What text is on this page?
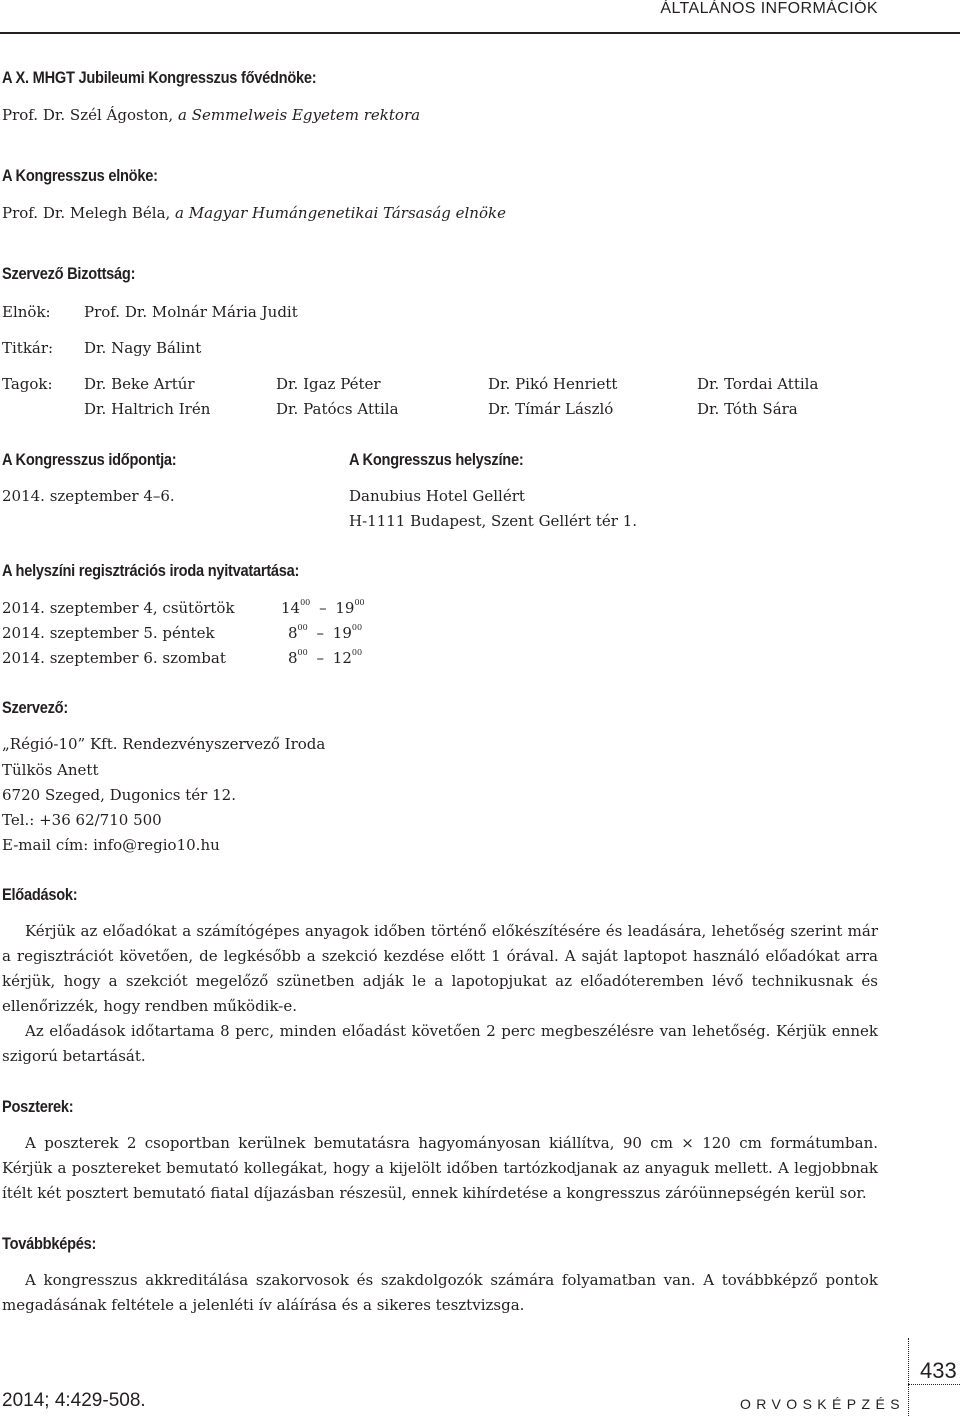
ÁLTALÁNOS INFORMÁCIÓK
A X. MHGT Jubileumi Kongresszus fővédnöke:
Prof. Dr. Szél Ágoston, a Semmelweis Egyetem rektora
A Kongresszus elnöke:
Prof. Dr. Melegh Béla, a Magyar Humángenetikai Társaság elnöke
Szervező Bizottság:
Elnök: Prof. Dr. Molnár Mária Judit
Titkár: Dr. Nagy Bálint
Tagok: Dr. Beke Artúr	Dr. Igaz Péter	Dr. Pikó Henriett	Dr. Tordai Attila
Dr. Haltrich Irén	Dr. Patócs Attila	Dr. Tímár László	Dr. Tóth Sára
A Kongresszus időpontja:	A Kongresszus helyszíne:
2014. szeptember 4–6.	Danubius Hotel Gellért
H-1111 Budapest, Szent Gellért tér 1.
A helyszíni regisztrációs iroda nyitvatartása:
2014. szeptember 4, csütörtök	$14^{00} - 19^{00}$
2014. szeptember 5. péntek	$8^{00} - 19^{00}$
2014. szeptember 6. szombat	$8^{00} - 12^{00}$
Szervező:
„Régió-10” Kft. Rendezvényszervező Iroda
Tülkös Anett
6720 Szeged, Dugonics tér 12.
Tel.: +36 62/710 500
E-mail cím: info@regio10.hu
Előadások:

Kérjük az előadókat a számítógépes anyagok időben történő előkészítésére és leadására, lehetőség szerint már a regisztrációt követően, de legkésőbb a szekció kezdése előtt 1 órával. A saját laptopot használó előadókat arra kérjük, hogy a szekciót megelőző szünetben adják le a lapotopjukat az előadóteremben lévő technikusnak és ellenőrizzék, hogy rendben működik-e.

Az előadások időtartama 8 perc, minden előadást követően 2 perc megbeszélésre van lehetőség. Kérjük ennek szigorú betartását.

Poszterek:

A poszterek 2 csoportban kerülnek bemutatásra hagyományosan kiállítva, 90 cm × 120 cm formátumban. Kérjük a posztereket bemutató kollegákat, hogy a kijelölt időben tartózkodjanak az anyaguk mellett. A legjobbnak ítélt két posztert bemutató fiatal díjazásban részesül, ennek kihírdetése a kongresszus záróünnepségén kerül sor.

Továbbképés:

A kongresszus akkreditálása szakorvosok és szakdolgozók számára folyamatban van. A továbbképző pontok megadásának feltétele a jelenléti ív aláírása és a sikeres tesztvizsga.

2014; 4:429-508.
433
ORVOSKÉPZÉS
